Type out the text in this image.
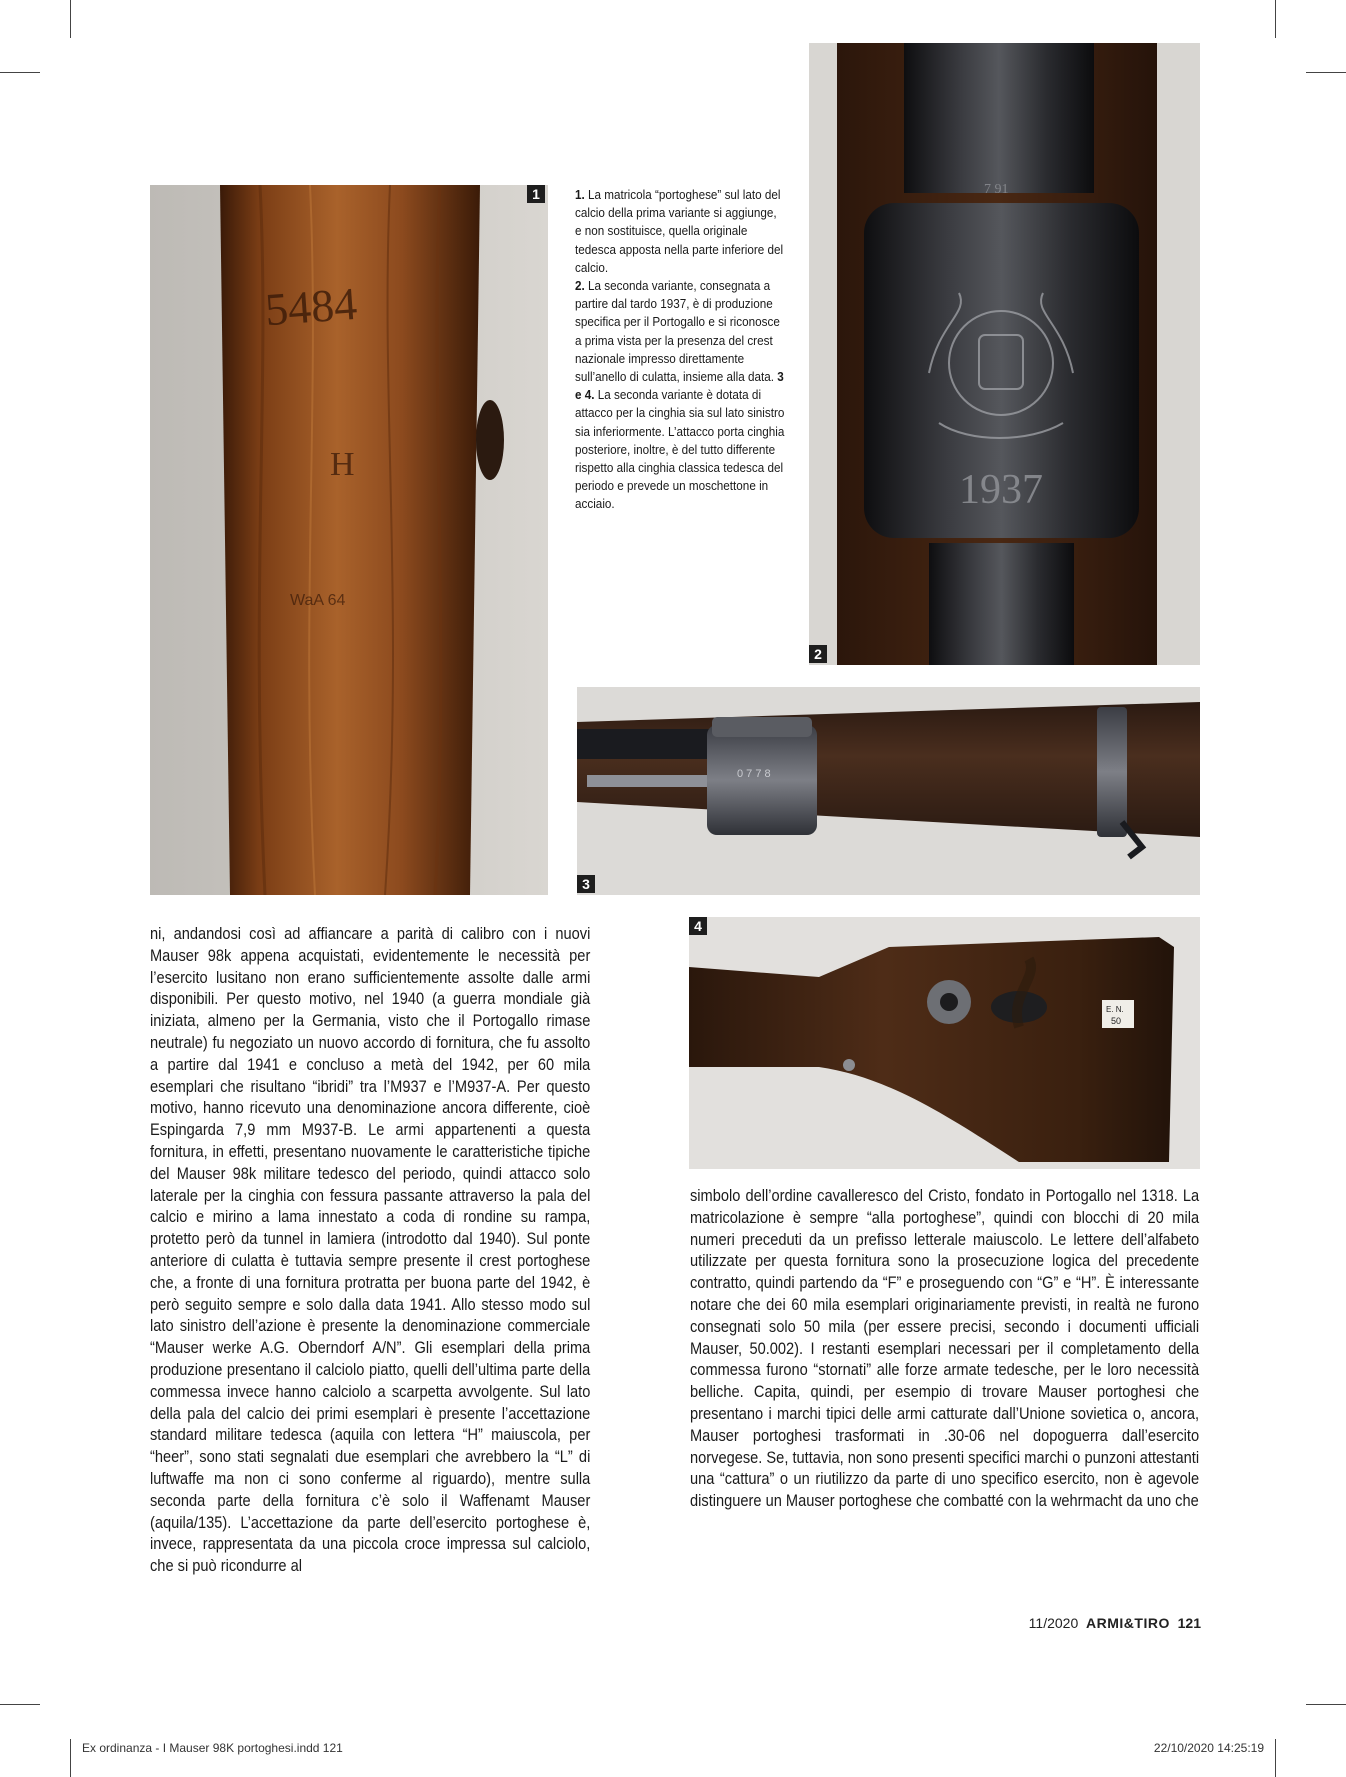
5484
H
WaA 64
1	1. La matricola “portoghese” sul lato del calcio della prima variante si aggiunge, e non sostituisce, quella originale tedesca apposta nella parte inferiore del calcio.
2. La seconda variante, consegnata a partire dal tardo 1937, è di produzione specifica per il Portogallo e si riconosce a prima vista per la presenza del crest nazionale impresso direttamente sull’anello di culatta, insieme alla data. 3 e 4. La seconda variante è dotata di attacco per la cinghia sia sul lato sinistro sia inferiormente. L’attacco porta cinghia posteriore, inoltre, è del tutto differente rispetto alla cinghia classica tedesca del periodo e prevede un moschettone in acciaio.	1937
7 91
2
0 7 7 8
3
E. N.
50
4

ni, andandosi così ad affiancare a parità di calibro con i nuovi Mauser 98k appena acquistati, evidentemente le necessità per l’esercito lusitano non erano sufficientemente assolte dalle armi disponibili. Per questo motivo, nel 1940 (a guerra mondiale già iniziata, almeno per la Germania, visto che il Portogallo rimase neutrale) fu negoziato un nuovo accordo di fornitura, che fu assolto a partire dal 1941 e concluso a metà del 1942, per 60 mila esemplari che risultano “ibridi” tra l’M937 e l’M937-A. Per questo motivo, hanno ricevuto una denominazione ancora differente, cioè Espingarda 7,9 mm M937-B. Le armi appartenenti a questa fornitura, in effetti, presentano nuovamente le caratteristiche tipiche del Mauser 98k militare tedesco del periodo, quindi attacco solo laterale per la cinghia con fessura passante attraverso la pala del calcio e mirino a lama innestato a coda di rondine su rampa, protetto però da tunnel in lamiera (introdotto dal 1940). Sul ponte anteriore di culatta è tuttavia sempre presente il crest portoghese che, a fronte di una fornitura protratta per buona parte del 1942, è però seguito sempre e solo dalla data 1941. Allo stesso modo sul lato sinistro dell’azione è presente la denominazione commerciale “Mauser werke A.G. Oberndorf A/N”. Gli esemplari della prima produzione presentano il calciolo piatto, quelli dell’ultima parte della commessa invece hanno calciolo a scarpetta avvolgente. Sul lato della pala del calcio dei primi esemplari è presente l’accettazione standard militare tedesca (aquila con lettera “H” maiuscola, per “heer”, sono stati segnalati due esemplari che avrebbero la “L” di luftwaffe ma non ci sono conferme al riguardo), mentre sulla seconda parte della fornitura c’è solo il Waffenamt Mauser (aquila/135). L’accettazione da parte dell’esercito portoghese è, invece, rappresentata da una piccola croce impressa sul calciolo, che si può ricondurre al

simbolo dell’ordine cavalleresco del Cristo, fondato in Portogallo nel 1318. La matricolazione è sempre “alla portoghese”, quindi con blocchi di 20 mila numeri preceduti da un prefisso letterale maiuscolo. Le lettere dell’alfabeto utilizzate per questa fornitura sono la prosecuzione logica del precedente contratto, quindi partendo da “F” e proseguendo con “G” e “H”. È interessante notare che dei 60 mila esemplari originariamente previsti, in realtà ne furono consegnati solo 50 mila (per essere precisi, secondo i documenti ufficiali Mauser, 50.002). I restanti esemplari necessari per il completamento della commessa furono “stornati” alle forze armate tedesche, per le loro necessità belliche. Capita, quindi, per esempio di trovare Mauser portoghesi che presentano i marchi tipici delle armi catturate dall’Unione sovietica o, ancora, Mauser portoghesi trasformati in .30-06 nel dopoguerra dall’esercito norvegese. Se, tuttavia, non sono presenti specifici marchi o punzoni attestanti una “cattura” o un riutilizzo da parte di uno specifico esercito, non è agevole distinguere un Mauser portoghese che combatté con la wehrmacht da uno che

11/2020 ARMI&TIRO 121
Ex ordinanza - I Mauser 98K portoghesi.indd 121	22/10/2020 14:25:19
